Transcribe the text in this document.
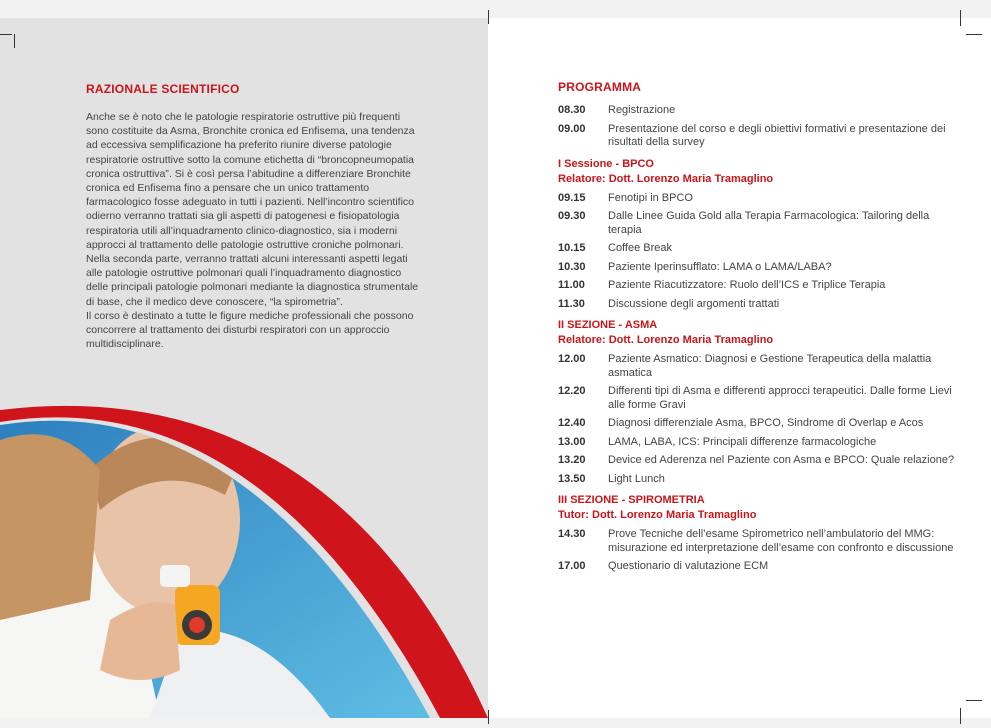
RAZIONALE SCIENTIFICO

Anche se è noto che le patologie respiratorie ostruttive più frequenti sono costituite da Asma, Bronchite cronica ed Enfisema, una tendenza ad eccessiva semplificazione ha preferito riunire diverse patologie respiratorie ostruttive sotto la comune etichetta di “broncopneumopatia cronica ostruttiva”. Si è così persa l’abitudine a differenziare Bronchite cronica ed Enfisema fino a pensare che un unico trattamento farmacologico fosse adeguato in tutti i pazienti. Nell’incontro scientifico odierno verranno trattati sia gli aspetti di patogenesi e fisiopatologia respiratoria utili all’inquadramento clinico-diagnostico, sia i moderni approcci al trattamento delle patologie ostruttive croniche polmonari. Nella seconda parte, verranno trattati alcuni interessanti aspetti legati alle patologie ostruttive polmonari quali l’inquadramento diagnostico delle principali patologie polmonari mediante la diagnostica strumentale di base, che il medico deve conoscere, “la spirometria”.

Il corso è destinato a tutte le figure mediche professionali che possono concorrere al trattamento dei disturbi respiratori con un approccio multidisciplinare.

PROGRAMMA
08.30	Registrazione
09.00	Presentazione del corso e degli obiettivi formativi e presentazione dei risultati della survey
I Sessione - BPCO
Relatore: Dott. Lorenzo Maria Tramaglino
09.15	Fenotipi in BPCO
09.30	Dalle Linee Guida Gold alla Terapia Farmacologica: Tailoring della terapia
10.15	Coffee Break
10.30	Paziente Iperinsufflato: LAMA o LAMA/LABA?
11.00	Paziente Riacutizzatore: Ruolo dell’ICS e Triplice Terapia
11.30	Discussione degli argomenti trattati
II SEZIONE - ASMA
Relatore: Dott. Lorenzo Maria Tramaglino
12.00	Paziente Asmatico: Diagnosi e Gestione Terapeutica della malattia asmatica
12.20	Differenti tipi di Asma e differenti approcci terapeutici. Dalle forme Lievi alle forme Gravi
12.40	Diagnosi differenziale Asma, BPCO, Sindrome di Overlap e Acos
13.00	LAMA, LABA, ICS: Principali differenze farmacologiche
13.20	Device ed Aderenza nel Paziente con Asma e BPCO: Quale relazione?
13.50	Light Lunch
III SEZIONE - SPIROMETRIA
Tutor: Dott. Lorenzo Maria Tramaglino
14.30	Prove Tecniche dell’esame Spirometrico nell’ambulatorio del MMG: misurazione ed interpretazione dell’esame con confronto e discussione
17.00	Questionario di valutazione ECM
